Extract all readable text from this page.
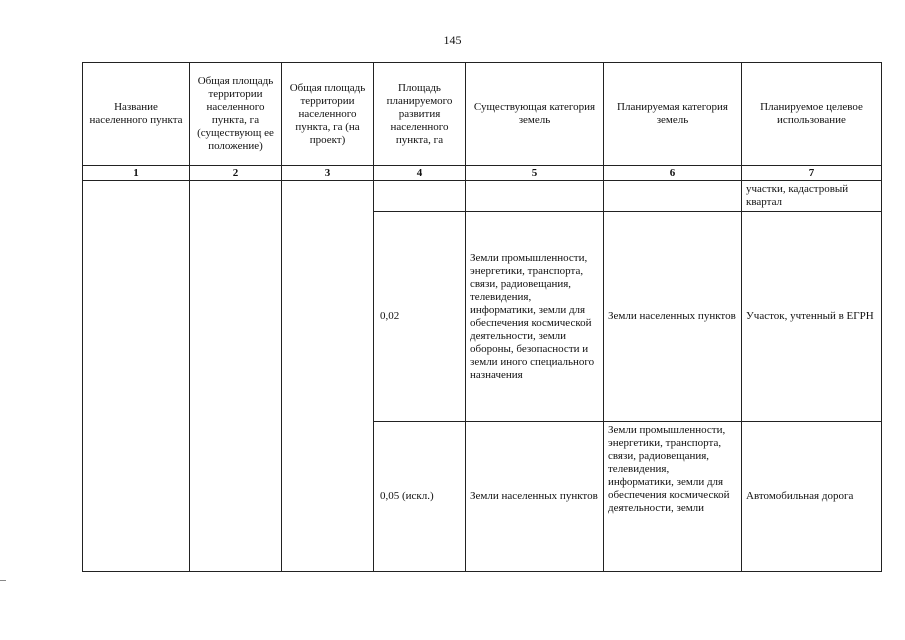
145
Название населенного пункта	Общая площадь территории населенного пункта, га (существующ ее положение)	Общая площадь территории населенного пункта, га (на проект)	Площадь планируемого развития населенного пункта, га	Существующая категория земель	Планируемая категория земель	Планируемое целевое использование
1	2	3	4	5	6	7
						участки, кадастровый квартал
			0,02	Земли промышленности, энергетики, транспорта, связи, радиовещания, телевидения, информатики, земли для обеспечения космической деятельности, земли обороны, безопасности и земли иного специального назначения	Земли населенных пунктов	Участок, учтенный в ЕГРН
			0,05 (искл.)	Земли населенных пунктов	Земли промышленности, энергетики, транспорта, связи, радиовещания, телевидения, информатики, земли для обеспечения космической деятельности, земли	Автомобильная дорога
